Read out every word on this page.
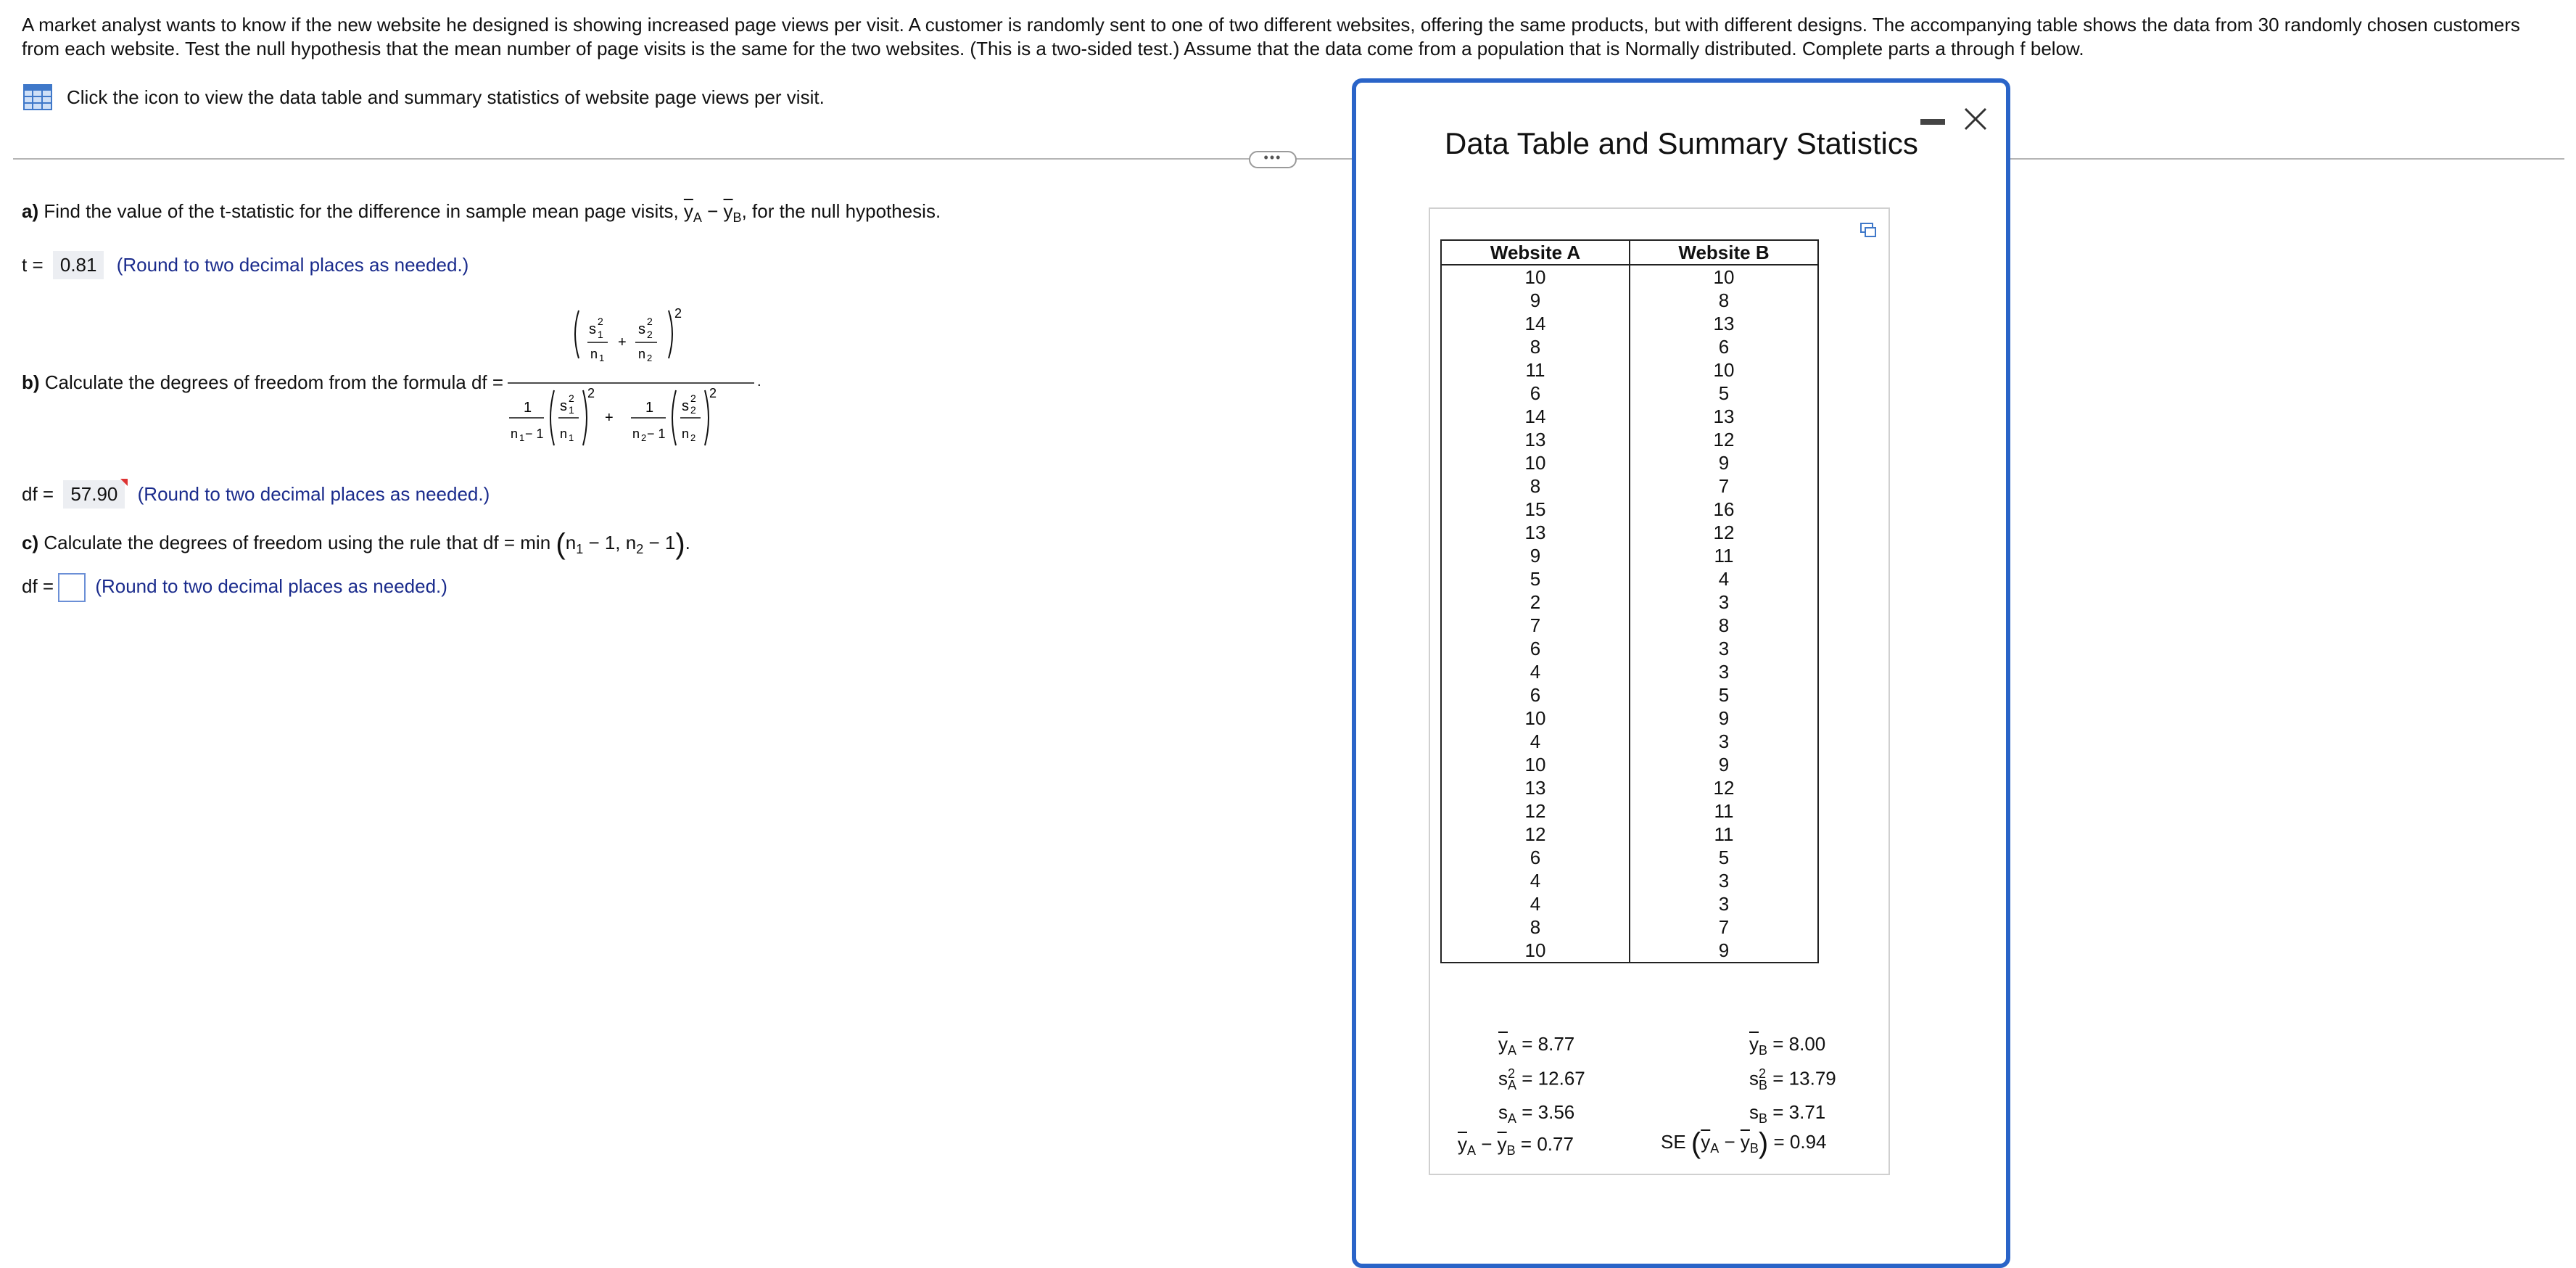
A market analyst wants to know if the new website he designed is showing increased page views per visit. A customer is randomly sent to one of two different websites, offering the same products, but with different designs. The accompanying table shows the data from 30 randomly chosen customers from each website. Test the null hypothesis that the mean number of page visits is the same for the two websites. (This is a two-sided test.) Assume that the data come from a population that is Normally distributed. Complete parts a through f below.
Click the icon to view the data table and summary statistics of website page views per visit.
•••
a) Find the value of the t-statistic for the difference in sample mean page visits, $\overline{y}_A - \overline{y}_B$, for the null hypothesis.
t = 0.81 (Round to two decimal places as needed.)
b) Calculate the degrees of freedom from the formula df =
s 2
1
n 1
+
s 2
2
n 2
2
.
1
n 1 − 1
s 2
1
n 1
2
+
1
n 2 − 1
s 2
2
n 2
2
df = 57.90 (Round to two decimal places as needed.)
c) Calculate the degrees of freedom using the rule that df = $\min (n_1 - 1$, $n_2 - 1$).
df = (Round to two decimal places as needed.)
Data Table and Summary Statistics
Website A	Website B
10	10
9	8
14	13
8	6
11	10
6	5
14	13
13	12
10	9
8	7
15	16
13	12
9	11
5	4
2	3
7	8
6	3
4	3
6	5
10	9
4	3
10	9
13	12
12	11
12	11
6	5
4	3
4	3
8	7
10	9
$\overline{y}_A = 8.77$	$\overline{y}_B = 8.00$
$s^2_A = 12.67$	$s^2_B = 13.79$
$s_A = 3.56$	$s_B = 3.71$
$\overline{y}_A - \overline{y}_B = 0.77$	SE $(\overline{y}_A - \overline{y}_B) = 0.94$
